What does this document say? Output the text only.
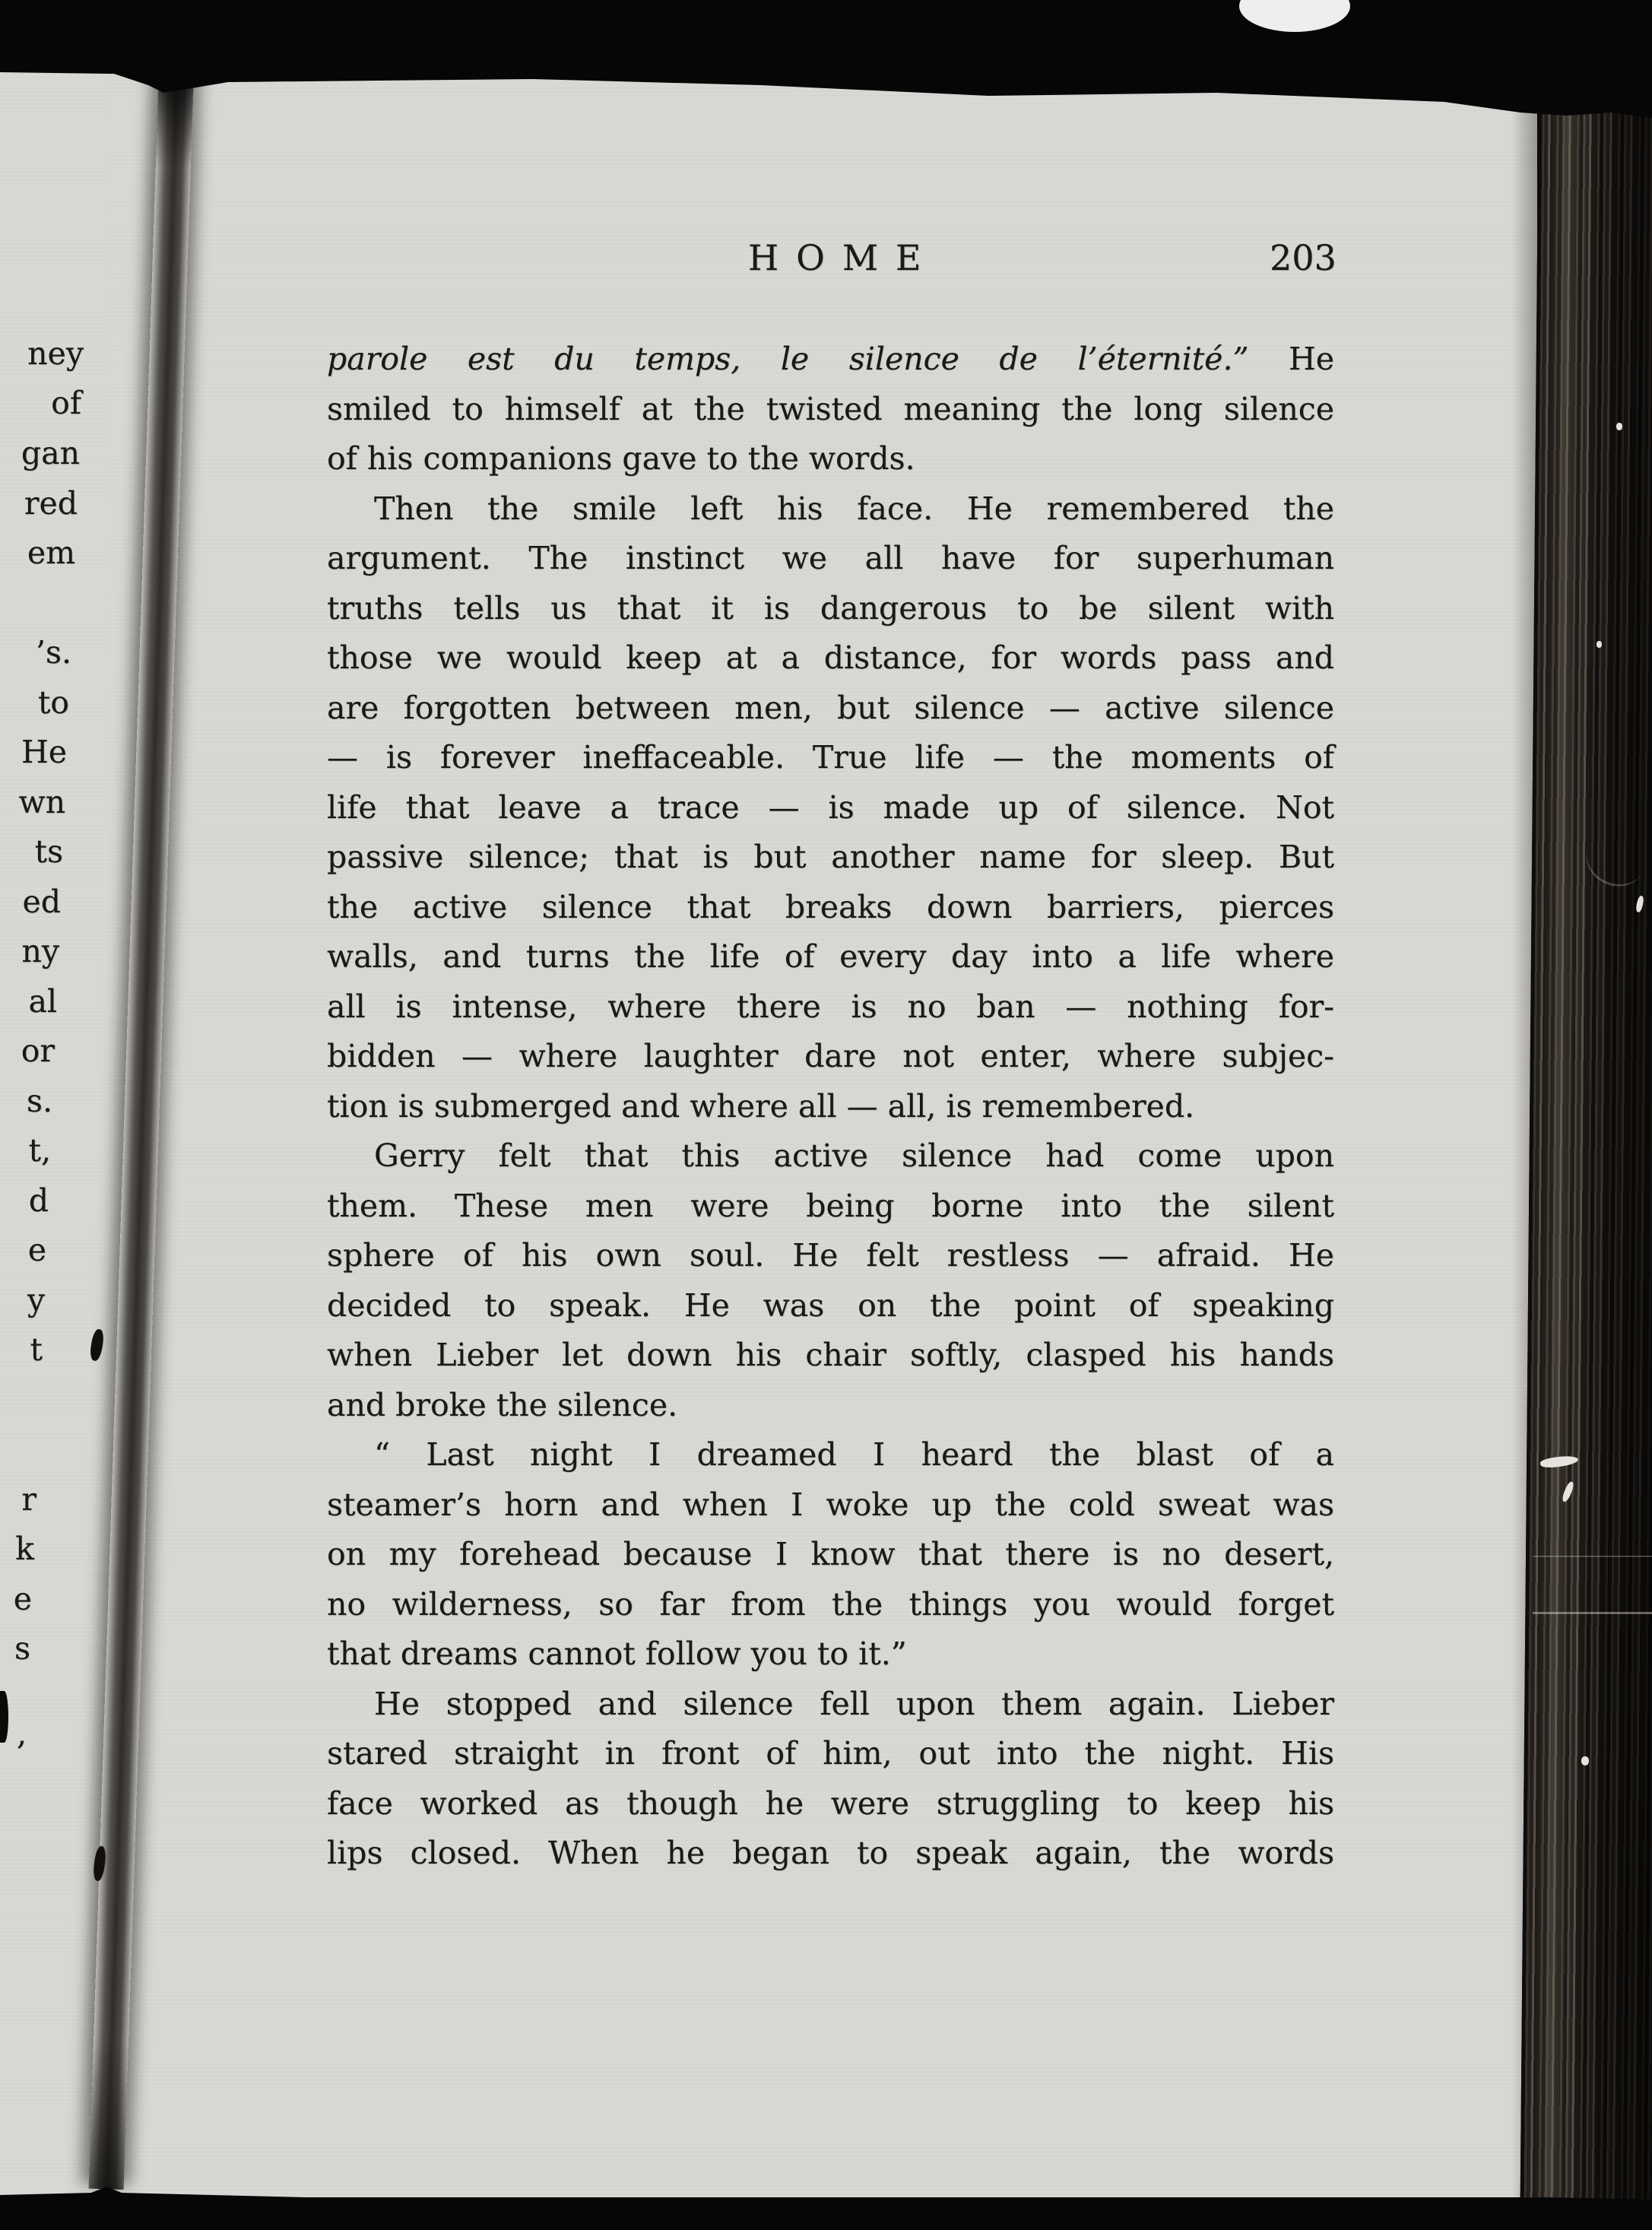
HOME	203
parole est du temps, le silence de l’éternité.” He
smiled to himself at the twisted meaning the long silence
of his companions gave to the words.
Then the smile left his face. He remembered the
argument. The instinct we all have for superhuman
truths tells us that it is dangerous to be silent with
those we would keep at a distance, for words pass and
are forgotten between men, but silence — active silence
— is forever ineffaceable. True life — the moments of
life that leave a trace — is made up of silence. Not
passive silence; that is but another name for sleep. But
the active silence that breaks down barriers, pierces
walls, and turns the life of every day into a life where
all is intense, where there is no ban — nothing for-
bidden — where laughter dare not enter, where subjec-
tion is submerged and where all — all, is remembered.
Gerry felt that this active silence had come upon
them. These men were being borne into the silent
sphere of his own soul. He felt restless — afraid. He
decided to speak. He was on the point of speaking
when Lieber let down his chair softly, clasped his hands
and broke the silence.
“ Last night I dreamed I heard the blast of a
steamer’s horn and when I woke up the cold sweat was
on my forehead because I know that there is no desert,
no wilderness, so far from the things you would forget
that dreams cannot follow you to it.”
He stopped and silence fell upon them again. Lieber
stared straight in front of him, out into the night. His
face worked as though he were struggling to keep his
lips closed. When he began to speak again, the words
ney
of
gan
red
em
’s.
to
He
wn
ts
ed
ny
al
or
s.
t,
d
e
y
t
r
k
e
s
,
